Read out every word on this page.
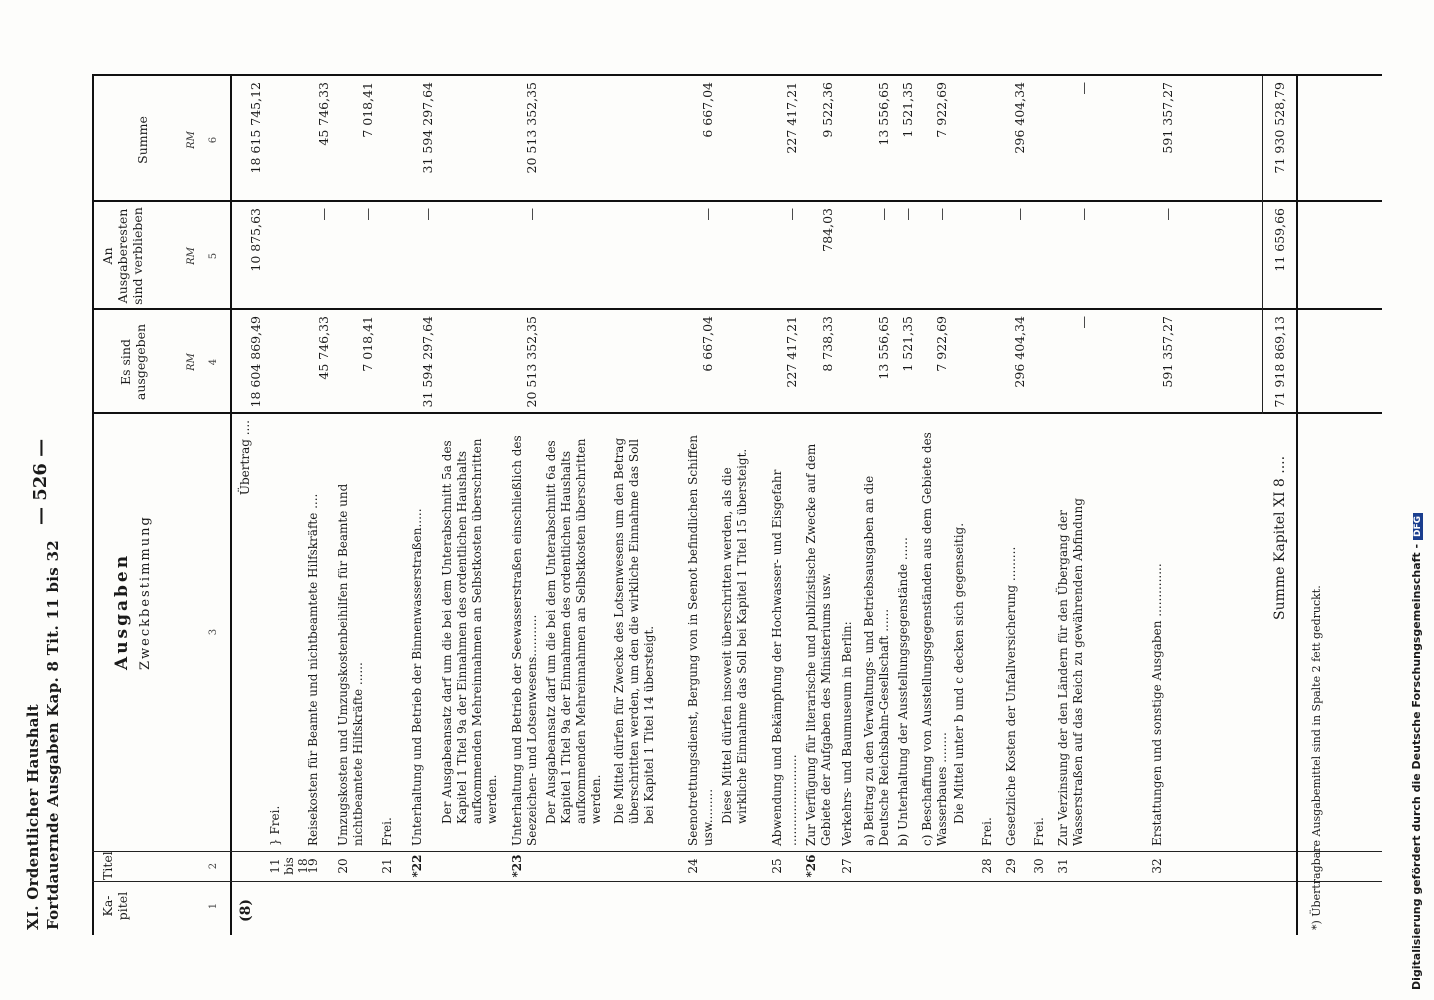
XI. Ordentlicher Haushalt Fortdauernde Ausgaben Kap. 8 Tit. 11 bis 32
— 526 —
Ka-pitel
Titel
Ausgaben Zweckbestimmung
Es sind ausgegeben
An Ausgaberesten sind verblieben
Summe
RM
RM
RM
1
2
3
4
5
6
(8)
Übertrag ....
18 604 869,49
10 875,63
18 615 745,12
11 bis 18
} Frei.
19
Reisekosten für Beamte und nichtbeamtete Hilfskräfte ....
45 746,33
—
45 746,33
20
Umzugskosten und Umzugskostenbeihilfen für Beamte und nichtbeamtete Hilfskräfte ......
7 018,41
—
7 018,41
21
Frei.
*22
Unterhaltung und Betrieb der Binnenwasserstraßen.....
31 594 297,64
—
31 594 297,64
Der Ausgabeansatz darf um die bei dem Unterabschnitt 5a des Kapitel 1 Titel 9a der Einnahmen des ordentlichen Haushalts aufkommenden Mehreinnahmen an Selbstkosten überschritten werden.
*23
Unterhaltung und Betrieb der Seewasserstraßen einschließlich des Seezeichen- und Lotsenwesens...........
20 513 352,35
—
20 513 352,35
Der Ausgabeansatz darf um die bei dem Unterabschnitt 6a des Kapitel 1 Titel 9a der Einnahmen des ordentlichen Haushalts aufkommenden Mehreinnahmen an Selbstkosten überschritten werden. Die Mittel dürfen für Zwecke des Lotsenwesens um den Betrag überschritten werden, um den die wirkliche Einnahme das Soll bei Kapitel 1 Titel 14 übersteigt.
24
Seenotrettungsdienst, Bergung von in Seenot befindlichen Schiffen usw.........
6 667,04
—
6 667,04
Diese Mittel dürfen insoweit überschritten werden, als die wirkliche Einnahme das Soll bei Kapitel 1 Titel 15 übersteigt.
25
Abwendung und Bekämpfung der Hochwasser- und Eisgefahr ........................
227 417,21
—
227 417,21
*26
Zur Verfügung für literarische und publizistische Zwecke auf dem Gebiete der Aufgaben des Ministeriums usw.
8 738,33
784,03
9 522,36
27
Verkehrs- und Baumuseum in Berlin: a) Beitrag zu den Verwaltungs- und Betriebsausgaben an die Deutsche Reichsbahn-Gesellschaft ......
13 556,65
—
13 556,65
b) Unterhaltung der Ausstellungsgegenstände ......
1 521,35
—
1 521,35
c) Beschaffung von Ausstellungsgegenständen aus dem Gebiete des Wasserbaues ........
7 922,69
—
7 922,69
Die Mittel unter b und c decken sich gegenseitig.
28
Frei.
29
Gesetzliche Kosten der Unfallversicherung .........
296 404,34
—
296 404,34
30
Frei.
31
Zur Verzinsung der den Ländern für den Übergang der Wasserstraßen auf das Reich zu gewährenden Abfindung
—
—
—
32
Erstattungen und sonstige Ausgaben ..............
591 357,27
—
591 357,27
Summe Kapitel XI 8 ....
71 918 869,13
11 659,66
71 930 528,79
*) Übertragbare Ausgabemittel sind in Spalte 2 fett gedruckt.	Digitalisierung gefördert durch die Deutsche Forschungsgemeinschaft -DFG
